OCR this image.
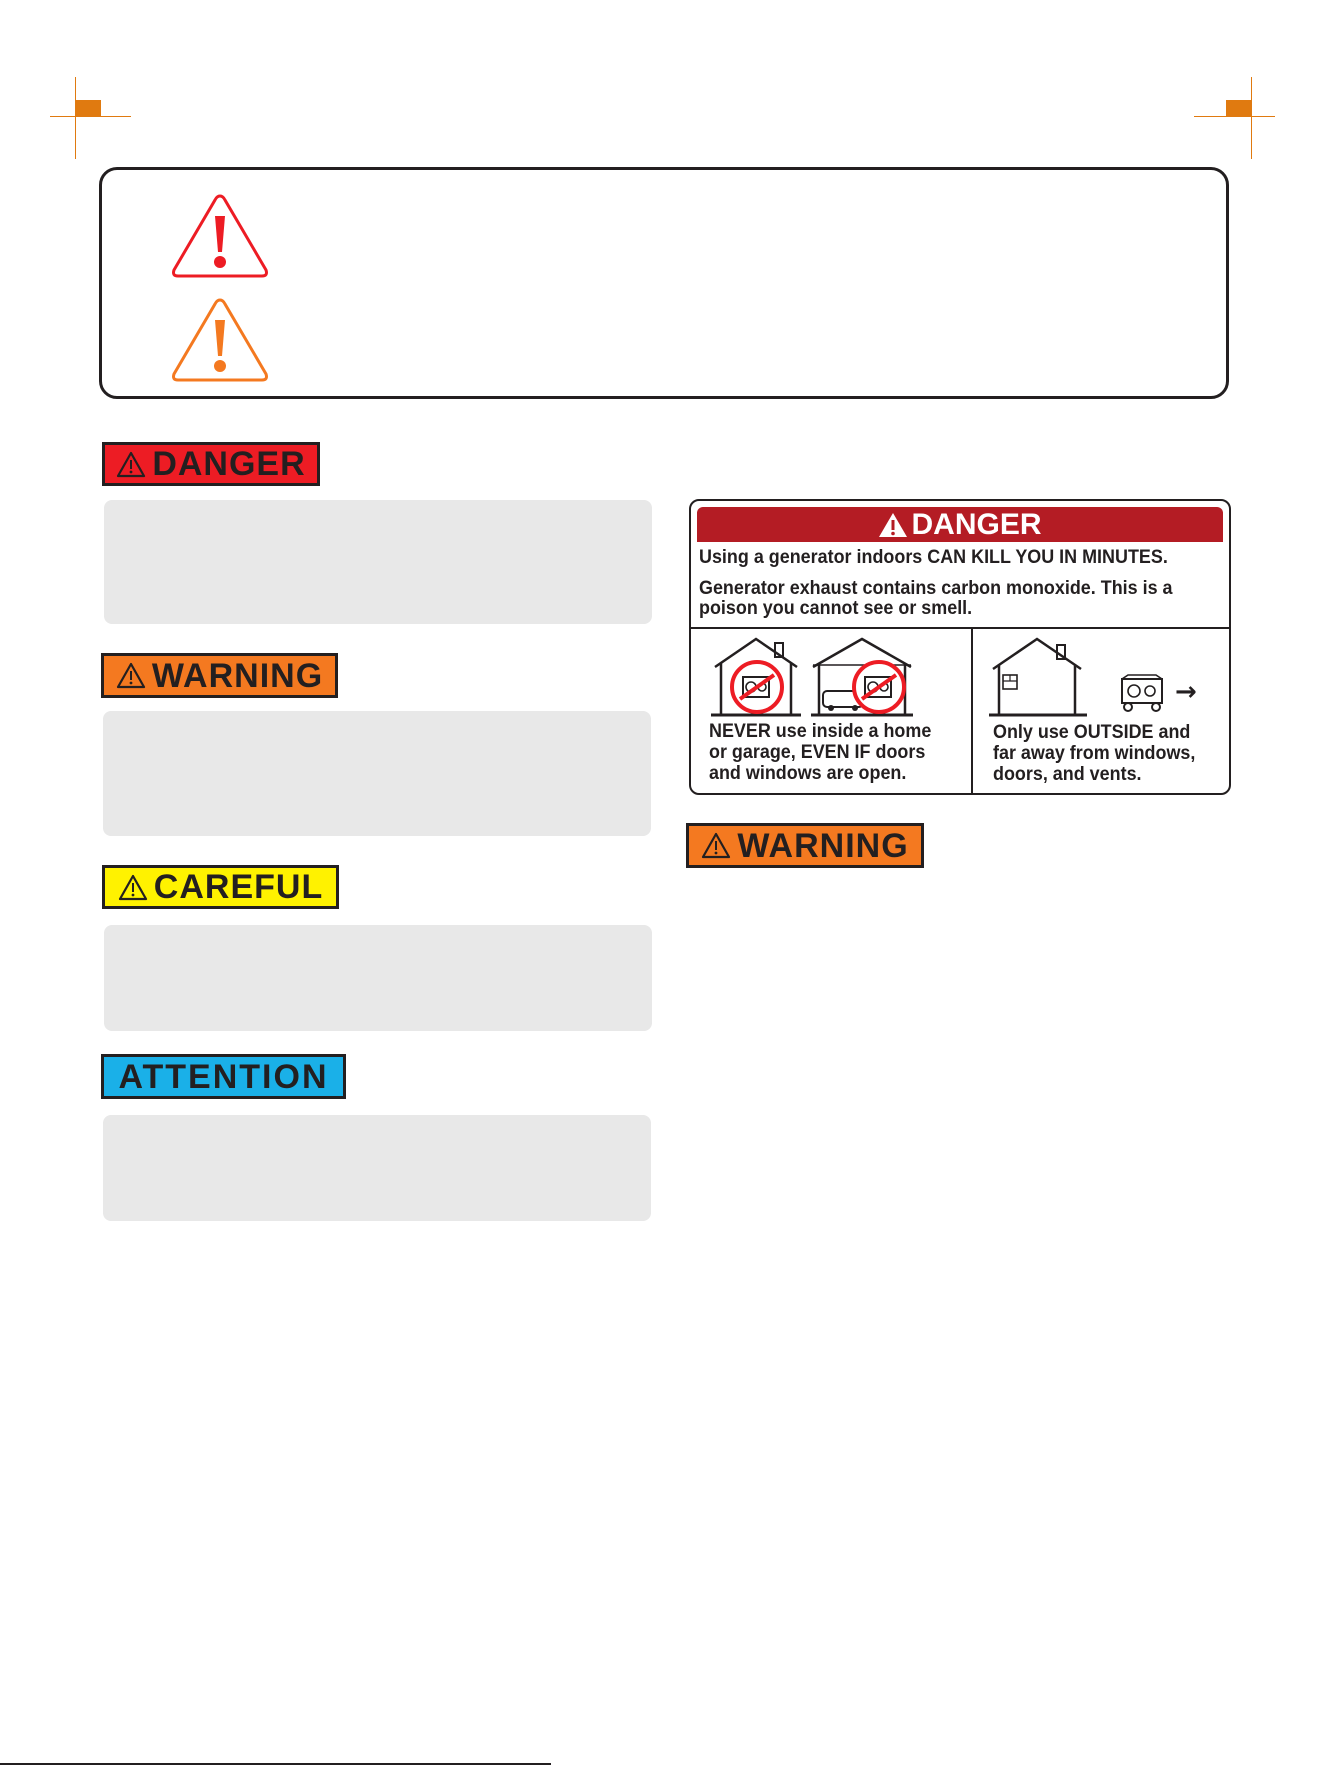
DANGER
WARNING
CAREFUL
ATTENTION
DANGER
Using a generator indoors CAN KILL YOU IN MINUTES.
Generator exhaust contains carbon monoxide. This is a
poison you cannot see or smell.
NEVER use inside a home
or garage, EVEN IF doors
and windows are open.
→
Only use OUTSIDE and
far away from windows,
doors, and vents.
WARNING
